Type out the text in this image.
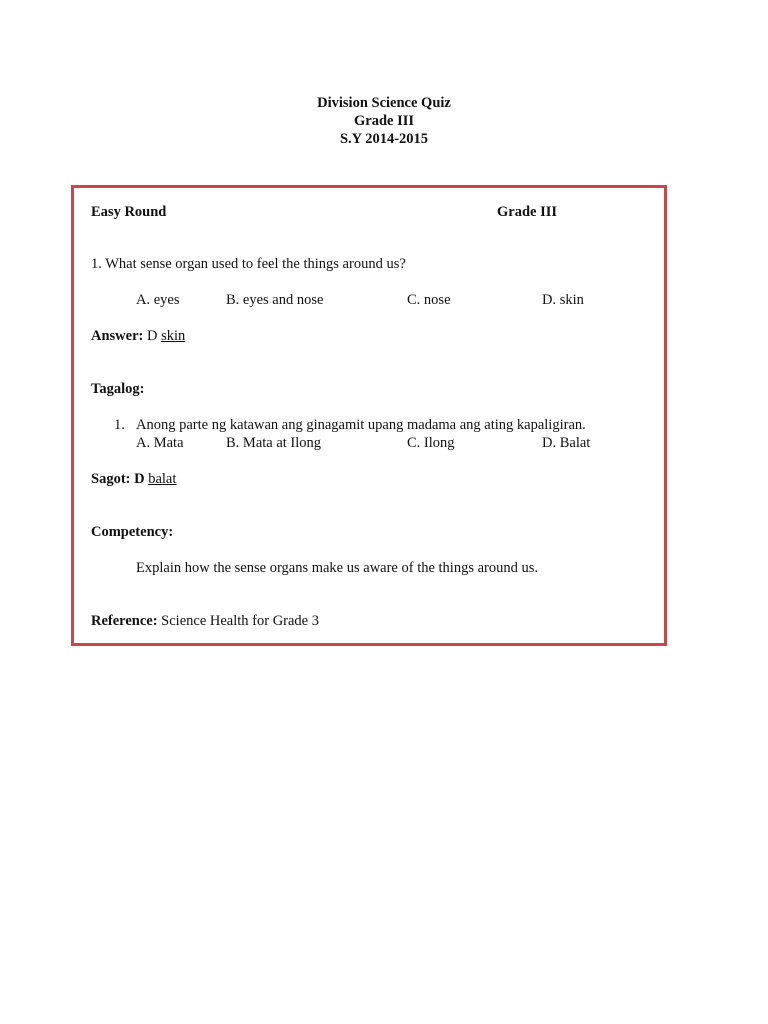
Division Science Quiz
Grade III
S.Y 2014-2015
Easy Round	Grade III
1. What sense organ used to feel the things around us?
A. eyes	B. eyes and nose	C. nose	D. skin
Answer: D skin
Tagalog:
1. Anong parte ng katawan ang ginagamit upang madama ang ating kapaligiran.
A. Mata	B. Mata at Ilong	C. Ilong	D. Balat
Sagot: D balat
Competency:
Explain how the sense organs make us aware of the things around us.
Reference: Science Health for Grade 3
